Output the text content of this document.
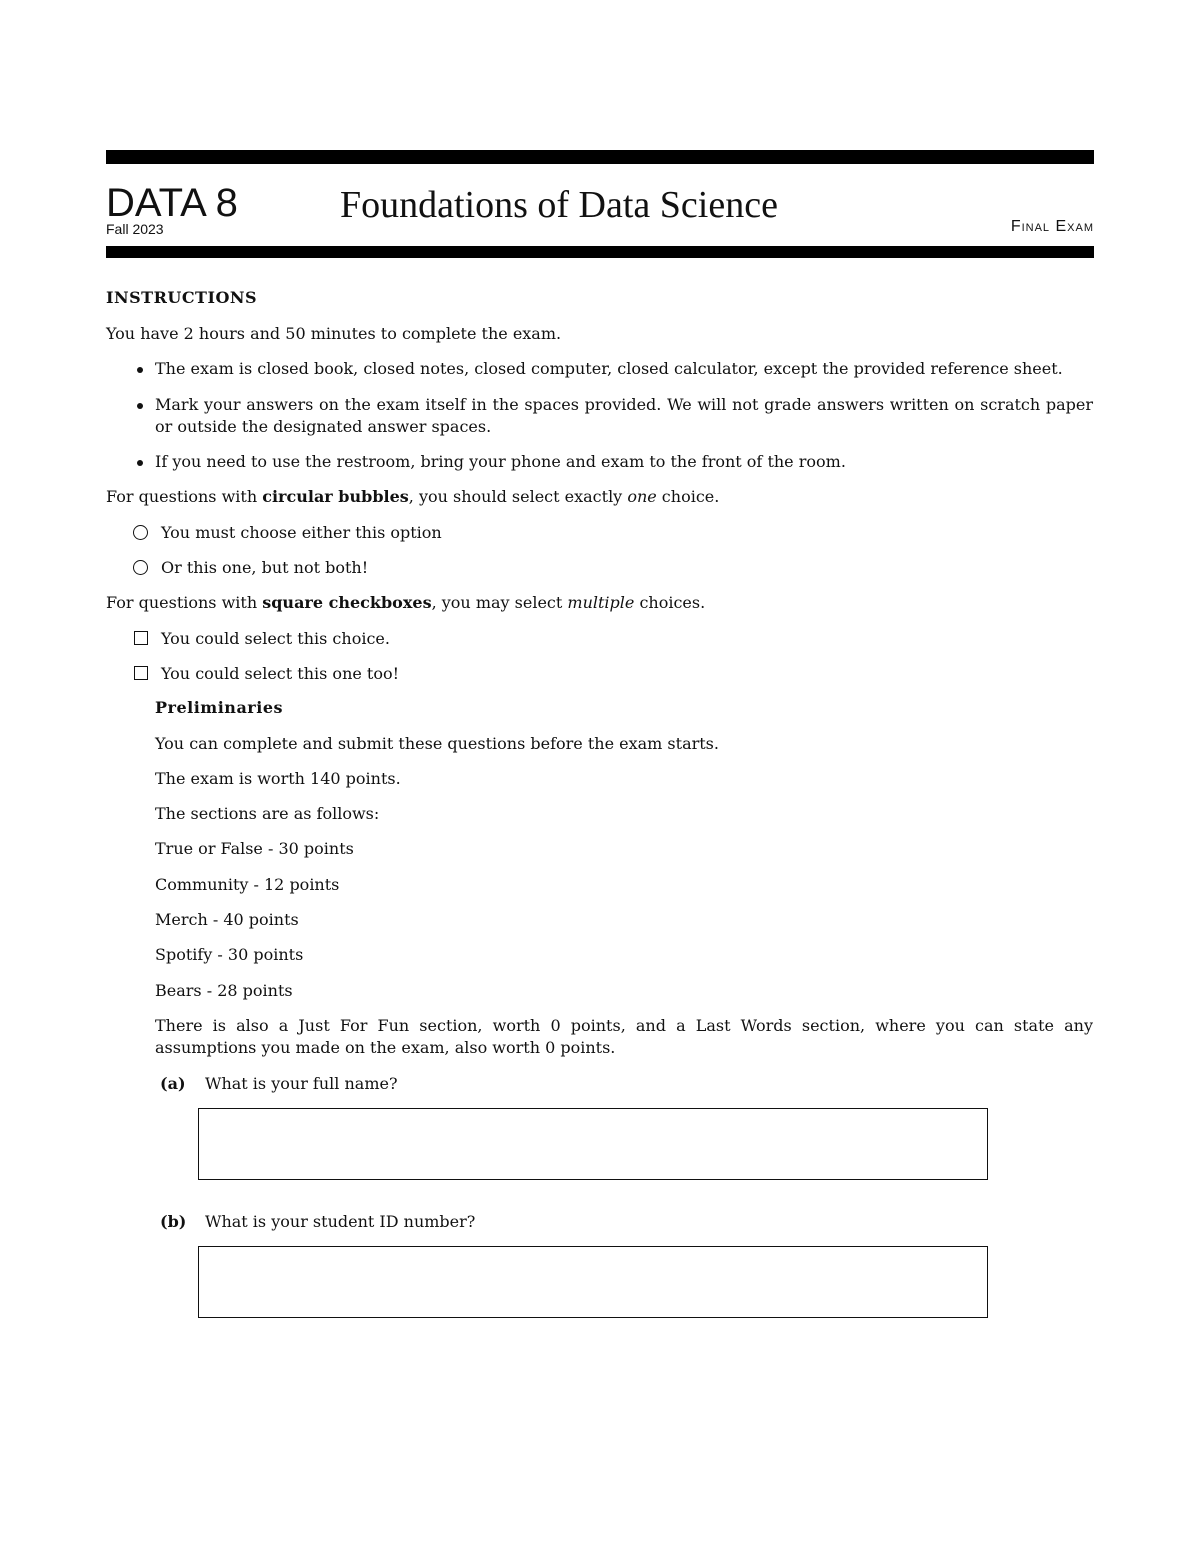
DATA 8
Fall 2023
Foundations of Data Science
Final Exam
INSTRUCTIONS
You have 2 hours and 50 minutes to complete the exam.
The exam is closed book, closed notes, closed computer, closed calculator, except the provided reference sheet.
Mark your answers on the exam itself in the spaces provided. We will not grade answers written on scratch paper or outside the designated answer spaces.
If you need to use the restroom, bring your phone and exam to the front of the room.
For questions with circular bubbles, you should select exactly one choice.
You must choose either this option
Or this one, but not both!
For questions with square checkboxes, you may select multiple choices.
You could select this choice.
You could select this one too!
Preliminaries
You can complete and submit these questions before the exam starts.
The exam is worth 140 points.
The sections are as follows:
True or False - 30 points
Community - 12 points
Merch - 40 points
Spotify - 30 points
Bears - 28 points
There is also a Just For Fun section, worth 0 points, and a Last Words section, where you can state any assumptions you made on the exam, also worth 0 points.
(a) What is your full name?
(b) What is your student ID number?
